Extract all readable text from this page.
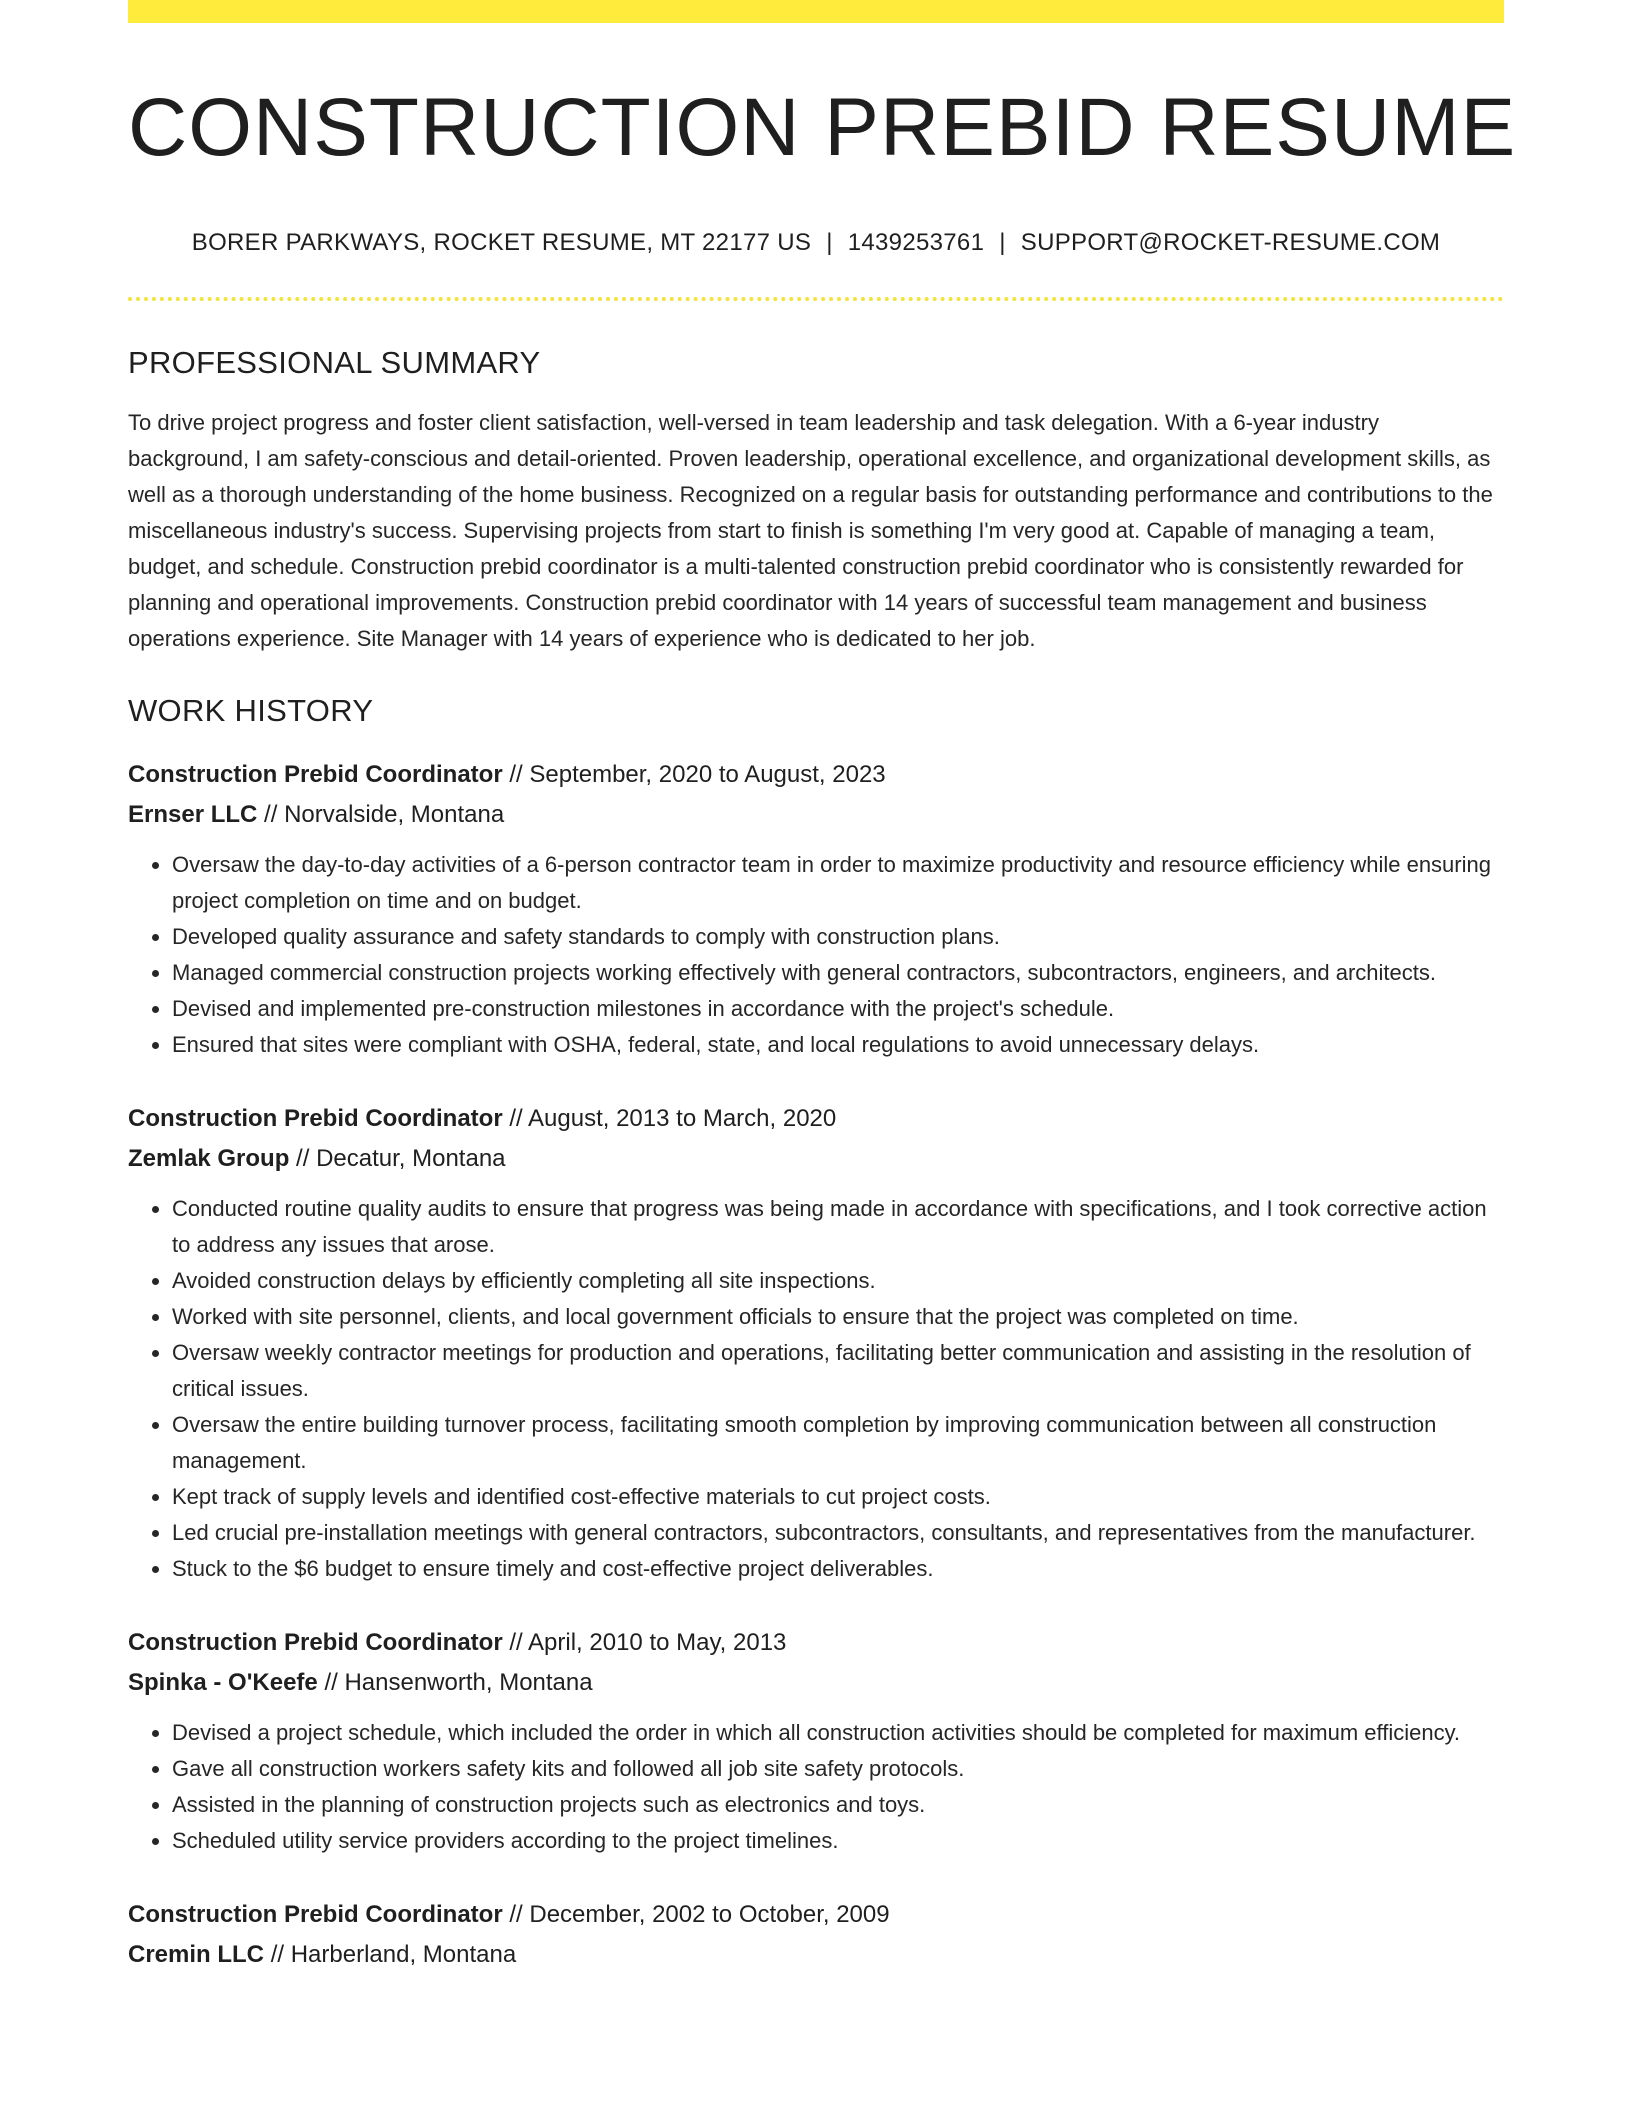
CONSTRUCTION PREBID RESUME
BORER PARKWAYS, ROCKET RESUME, MT 22177 US | 1439253761 | SUPPORT@ROCKET-RESUME.COM
PROFESSIONAL SUMMARY

To drive project progress and foster client satisfaction, well-versed in team leadership and task delegation. With a 6-year industry background, I am safety-conscious and detail-oriented. Proven leadership, operational excellence, and organizational development skills, as well as a thorough understanding of the home business. Recognized on a regular basis for outstanding performance and contributions to the miscellaneous industry's success. Supervising projects from start to finish is something I'm very good at. Capable of managing a team, budget, and schedule. Construction prebid coordinator is a multi-talented construction prebid coordinator who is consistently rewarded for planning and operational improvements. Construction prebid coordinator with 14 years of successful team management and business operations experience. Site Manager with 14 years of experience who is dedicated to her job.

WORK HISTORY
Construction Prebid Coordinator // September, 2020 to August, 2023
Ernser LLC // Norvalside, Montana
• Oversaw the day-to-day activities of a 6-person contractor team in order to maximize productivity and resource efficiency while ensuring project completion on time and on budget.
• Developed quality assurance and safety standards to comply with construction plans.
• Managed commercial construction projects working effectively with general contractors, subcontractors, engineers, and architects.
• Devised and implemented pre-construction milestones in accordance with the project's schedule.
• Ensured that sites were compliant with OSHA, federal, state, and local regulations to avoid unnecessary delays.
Construction Prebid Coordinator // August, 2013 to March, 2020
Zemlak Group // Decatur, Montana
• Conducted routine quality audits to ensure that progress was being made in accordance with specifications, and I took corrective action to address any issues that arose.
• Avoided construction delays by efficiently completing all site inspections.
• Worked with site personnel, clients, and local government officials to ensure that the project was completed on time.
• Oversaw weekly contractor meetings for production and operations, facilitating better communication and assisting in the resolution of critical issues.
• Oversaw the entire building turnover process, facilitating smooth completion by improving communication between all construction management.
• Kept track of supply levels and identified cost-effective materials to cut project costs.
• Led crucial pre-installation meetings with general contractors, subcontractors, consultants, and representatives from the manufacturer.
• Stuck to the $6 budget to ensure timely and cost-effective project deliverables.
Construction Prebid Coordinator // April, 2010 to May, 2013
Spinka - O'Keefe // Hansenworth, Montana
• Devised a project schedule, which included the order in which all construction activities should be completed for maximum efficiency.
• Gave all construction workers safety kits and followed all job site safety protocols.
• Assisted in the planning of construction projects such as electronics and toys.
• Scheduled utility service providers according to the project timelines.
Construction Prebid Coordinator // December, 2002 to October, 2009
Cremin LLC // Harberland, Montana
